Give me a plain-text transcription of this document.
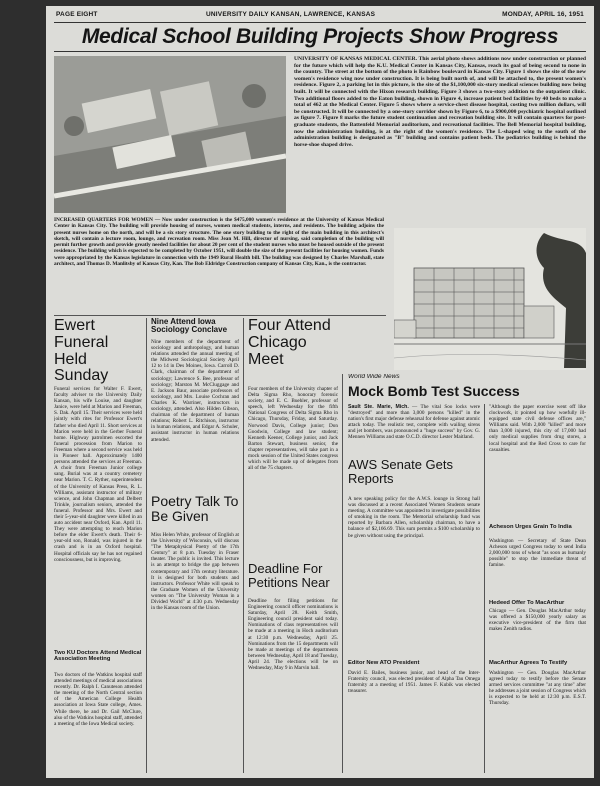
PAGE EIGHT	UNIVERSITY DAILY KANSAN, LAWRENCE, KANSAS	MONDAY, APRIL 16, 1951
Medical School Building Projects Show Progress
UNIVERSITY OF KANSAS MEDICAL CENTER. This aerial photo shows additions now under construction or planned for the future which will help the K.U. Medical Center in Kansas City, Kansas, reach its goal of being second to none in the country. The street at the bottom of the photo is Rainbow boulevard in Kansas City. Figure 1 shows the site of the new women's residence wing now under construction. It is being built north of, and will be attached to, the present women's residence. Figure 2, a parking lot in this picture, is the site of the $1,100,000 six-story medical sciences building now being built. It will be connected with the Hixon research building. Figure 3 shows a two-story addition to the outpatient clinic. Two additional floors added to the Eaton building, shown in Figure 4, increase patient bed facilities by 40 beds to make a total of 462 at the Medical Center. Figure 5 shows where a service-chest disease hospital, costing two million dollars, will be constructed. It will be connected by a one-story corridor shown by Figure 6, to a $900,000 psychiatric hospital outlined as figure 7. Figure 8 marks the future student continuation and recreation building site. It will contain quarters for post-graduate students, the Battenfeld Memorial auditorium, and recreational facilities. The Bell Memorial hospital building, now the administration building, is at the right of the women's residence. The L-shaped wing to the south of the administration building is designated as "B" building and contains patient beds. The pediatrics building is behind the horse-shoe shaped drive.
INCREASED QUARTERS FOR WOMEN — Now under construction is the $475,000 women's residence at the University of Kansas Medical Center in Kansas City. The building will provide housing of nurses, women medical students, interns, and residents. The building adjoins the present nurses home on the north, and will be a six story structure. The one story building to the right of the main building in this architect's sketch, will contain a lecture room, lounge, and recreation room. Miss Jean M. Hill, director of nursing, said completion of the building will permit further growth and provide greatly needed facilities for about 20 per cent of the student nurses who must be housed outside of the present residence. The building which is expected to be completed by October 1951, will double the size of the present facilities for housing women. Funds were appropriated by the Kansas legislature in connection with the 1949 Rural Health bill. The building was designed by Charles Marshall, state architect, and Thomas D. Manlitsby of Kansas City, Kan. The Bob Eldridge Construction company of Kansas City, Kan., is the contractor.
Ewert Funeral Held Sunday
Funeral services for Walter F. Ewert, faculty adviser to the University Daily Kansan, his wife Louise, and daughter Janice, were held at Marion and Freeman, S. Dak. April 15. Their services were held jointly with rites for Professor Ewert's father who died April 11. Short services at Marion were held in the Gerber Funeral home. Highway patrolmen escorted the funeral procession from Marion to Freeman where a second service was held in Pioneer hall. Approximately 1400 persons attended the services at Freeman. A choir from Freeman Junior college sang. Burial was at a country cemetery near Marion. T. C. Ryther, superintendent of the University of Kansas Press, R. L. Williams, assistant instructor of military science, and John Chapman and Delbert Trinkle, journalism seniors, attended the funeral. Professor and Mrs. Ewert and their 5-year-old daughter were killed in an auto accident near Oxford, Kan. April 11. They were attempting to reach Marion before the elder Ewert's death. Their 6-year-old son, Ronald, was injured in the crash and is in an Oxford hospital. Hospital officials say he has not regained consciousness, but is improving.
Two KU Doctors Attend Medical Association Meeting
Two doctors of the Watkins hospital staff attended meetings of medical associations recently. Dr. Ralph I. Canuteson attended the meeting of the North Central section of the American College Health association at Iowa State college, Ames. While there, he and Dr. Gail McClure, also of the Watkins hospital staff, attended a meeting of the Iowa Medical society.
Nine Attend Iowa Sociology Conclave
Nine members of the department of sociology and anthropology, and human relations attended the annual meeting of the Midwest Sociological Society April 12 to 14 in Des Moines, Iowa. Carroll D. Clark, chairman of the department of sociology; Lawrence S. Bee, professor of sociology; Marston M. McCluggage and E. Jackson Baur, associate professors of sociology, and Mrs. Louise Cochran and Charles K. Warriner, instructors in sociology, attended. Also Hilden Gibson, chairman of the department of human relations; Robert L. Ritchison, instructor in human relations, and Edgar A. Schuler, assistant instructor in human relations attended.
Poetry Talk To Be Given
Miss Helen White, professor of English at the University of Wisconsin, will discuss "The Metaphysical Poetry of the 17th Century" at 8 p.m. Tuesday in Fraser theater. The public is invited. This lecture is an attempt to bridge the gap between contemporary and 17th century literature. It is designed for both students and instructors. Professor White will speak to the Graduate Women of the University women on "The University Woman in a Divided World" at 4:30 p.m. Wednesday in the Kansas room of the Union.
Four Attend Chicago Meet
Four members of the University chapter of Delta Sigma Rho, honorary forensic society, and E. C. Buehler, professor of speech, left Wednesday for the fifth National Congress of Delta Sigma Rho in Chicago, Thursday, Friday, and Saturday. Norwood Davis, College junior; Don Goodwin, College and law student; Kenneth Keener, College junior, and Jack Barton Stewart, business senior, the chapter representatives, will take part in a mock session of the United States congress which will be made up of delegates from all of the 75 chapters.
Deadline For Petitions Near
Deadline for filing petitions for Engineering council officer nominations is Saturday, April 28. Keith Smith, Engineering council president said today. Nominations of class representatives will be made at a meeting in Hoch auditorium at 12:30 p.m. Wednesday, April 25. Nominations from the 15 departments will be made at meetings of the departments between Wednesday, April 18 and Tuesday, April 24. The elections will be on Wednesday, May 9 in Marvin hall.
World Wide News
Mock Bomb Test Success
Sault Ste. Marie, Mich. — The vital Soo locks were "destroyed" and more than 3,000 persons "killed" in the nation's first major defense rehearsal for defense against atomic attack today. The realistic test, complete with wailing sirens and jet bombers, was pronounced a "huge success" by Gov. G. Mennen Williams and state O.C.D. director Lester Maitland.
AWS Senate Gets Reports
A new speaking policy for the A.W.S. lounge in Strong hall was discussed at a recent Associated Women Students senate meeting. A committee was appointed to investigate possibilities of smoking in the room. The Memorial scholarship fund was reported by Barbara Allen, scholarship chairman, to have a balance of $2,166.69. This sum permits a $100 scholarship to be given without using the principal.
Editor New ATO President
David E. Bailes, business junior, and head of the Inter-Fraternity council, was elected president of Alpha Tau Omega fraternity at a meeting of 1951. James F. Kubik was elected treasurer.
"Although the paper exercise went off like clockwork, it pointed up how woefully ill-equipped state civil defense offices are," Williams said. With 2,000 "killed" and more than 3,000 injured, this city of 17,000 had only medical supplies from drug stores, a local hospital and the Red Cross to care for casualties.
Acheson Urges Grain To India
Washington — Secretary of State Dean Acheson urged Congress today to send India 2,000,000 tons of wheat "as soon as humanly possible" to stop the immediate threat of famine.
Hedeed Offer To MacArthur
Chicago — Gen. Douglas MacArthur today was offered a $150,000 yearly salary as executive vice-president of the firm that makes Zenith radios.
MacArthur Agrees To Testify
Washington — Gen. Douglas MacArthur agreed today to testify before the Senate armed services committee "at any time" after he addresses a joint session of Congress which is expected to be held at 12:30 p.m. E.S.T. Thursday.
